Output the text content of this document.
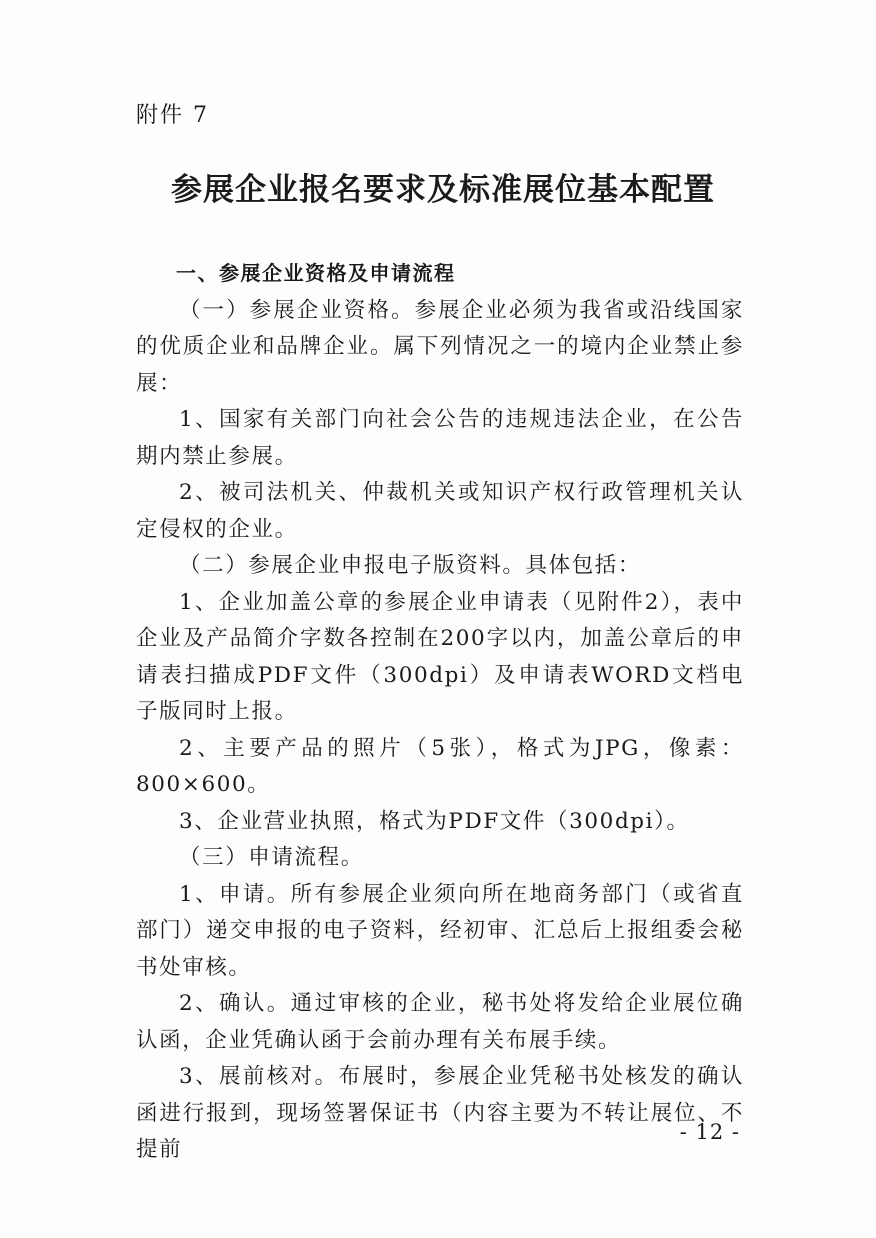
附件 7
参展企业报名要求及标准展位基本配置

一、参展企业资格及申请流程

（一）参展企业资格。参展企业必须为我省或沿线国家的优质企业和品牌企业。属下列情况之一的境内企业禁止参展：

1、国家有关部门向社会公告的违规违法企业，在公告期内禁止参展。

2、被司法机关、仲裁机关或知识产权行政管理机关认定侵权的企业。

（二）参展企业申报电子版资料。具体包括：

1、企业加盖公章的参展企业申请表（见附件2），表中企业及产品简介字数各控制在200字以内，加盖公章后的申请表扫描成PDF文件（300dpi）及申请表WORD文档电子版同时上报。

2、主要产品的照片（5张），格式为JPG，像素：800×600。

3、企业营业执照，格式为PDF文件（300dpi）。

（三）申请流程。

1、申请。所有参展企业须向所在地商务部门（或省直部门）递交申报的电子资料，经初审、汇总后上报组委会秘书处审核。

2、确认。通过审核的企业，秘书处将发给企业展位确认函，企业凭确认函于会前办理有关布展手续。

3、展前核对。布展时，参展企业凭秘书处核发的确认函进行报到，现场签署保证书（内容主要为不转让展位、不提前

- 12 -
